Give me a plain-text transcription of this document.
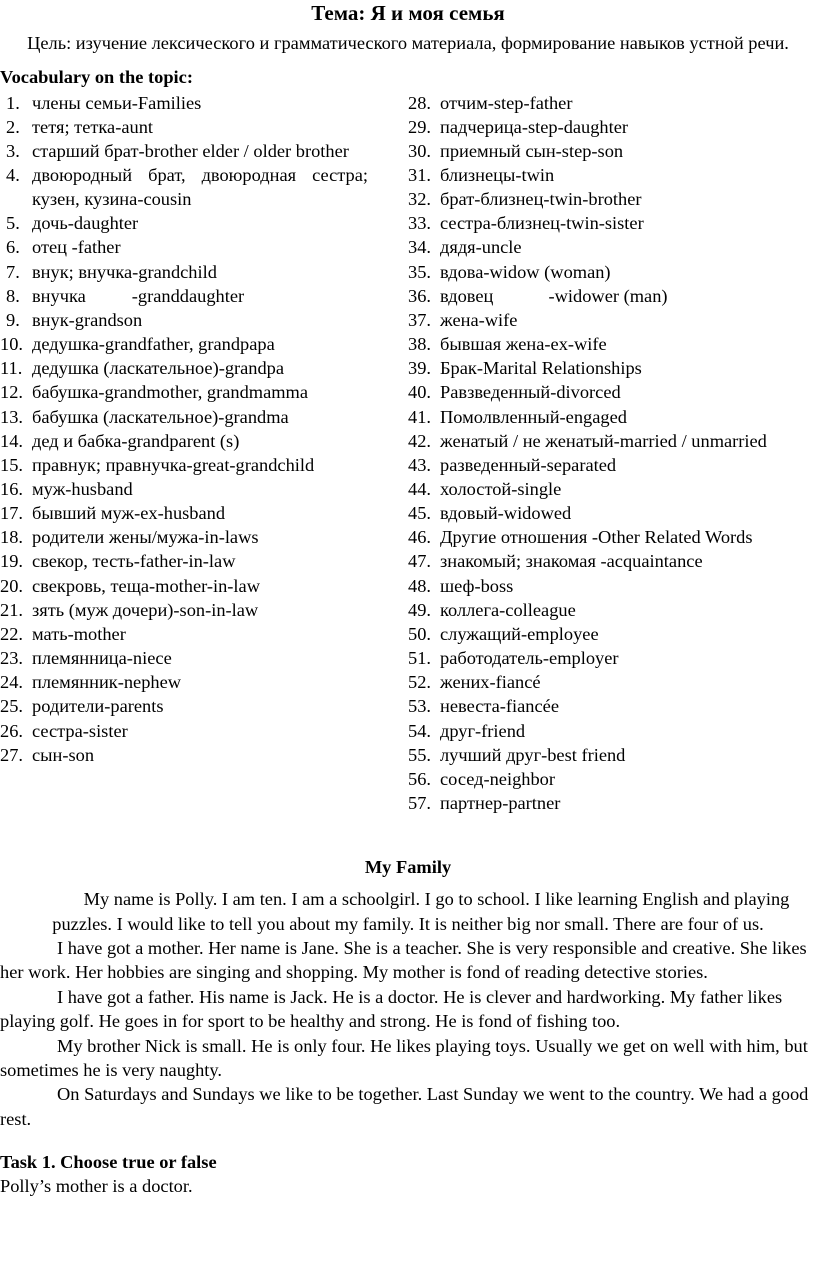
Тема: Я и моя семья

Цель: изучение лексического и грамматического материала, формирование навыков устной речи.

Vocabulary on the topic:
1. члены семьи-Families
2. тетя; тетка-aunt
3. старший брат-brother elder / older brother
4. двоюродный брат, двоюродная сестра; кузен, кузина-cousin
5. дочь-daughter
6. отец -father
7. внук; внучка-grandchild
8. внучка          -granddaughter
9. внук-grandson
10. дедушка-grandfather, grandpapa
11. дедушка (ласкательное)-grandpa
12. бабушка-grandmother, grandmamma
13. бабушка (ласкательное)-grandma
14. дед и бабка-grandparent (s)
15. правнук; правнучка-great-grandchild
16. муж-husband
17. бывший муж-ex-husband
18. родители жены/мужа-in-laws
19. свекор, тесть-father-in-law
20. свекровь, теща-mother-in-law
21. зять (муж дочери)-son-in-law
22. мать-mother
23. племянница-niece
24. племянник-nephew
25. родители-parents
26. сестра-sister
27. сын-son
28. отчим-step-father
29. падчерица-step-daughter
30. приемный сын-step-son
31. близнецы-twin
32. брат-близнец-twin-brother
33. сестра-близнец-twin-sister
34. дядя-uncle
35. вдова-widow (woman)
36. вдовец            -widower (man)
37. жена-wife
38. бывшая жена-ex-wife
39. Брак-Marital Relationships
40. Равзведенный-divorced
41. Помолвленный-engaged
42. женатый / не женатый-married / unmarried
43. разведенный-separated
44. холостой-single
45. вдовый-widowed
46. Другие отношения -Other Related Words
47. знакомый; знакомая -acquaintance
48. шеф-boss
49. коллега-colleague
50. служащий-employee
51. работодатель-employer
52. жених-fiancé
53. невеста-fiancée
54. друг-friend
55. лучший друг-best friend
56. сосед-neighbor
57. партнер-partner
My Family

My name is Polly. I am ten. I am a schoolgirl. I go to school. I like learning English and playing puzzles. I would like to tell you about my family. It is neither big nor small. There are four of us.

I have got a mother. Her name is Jane. She is a teacher. She is very responsible and creative. She likes her work. Her hobbies are singing and shopping. My mother is fond of reading detective stories.

I have got a father. His name is Jack. He is a doctor. He is clever and hardworking. My father likes playing golf. He goes in for sport to be healthy and strong. He is fond of fishing too.

My brother Nick is small. He is only four. He likes playing toys. Usually we get on well with him, but sometimes he is very naughty.

On Saturdays and Sundays we like to be together. Last Sunday we went to the country. We had a good rest.

Task 1. Choose true or false

Polly’s mother is a doctor.
